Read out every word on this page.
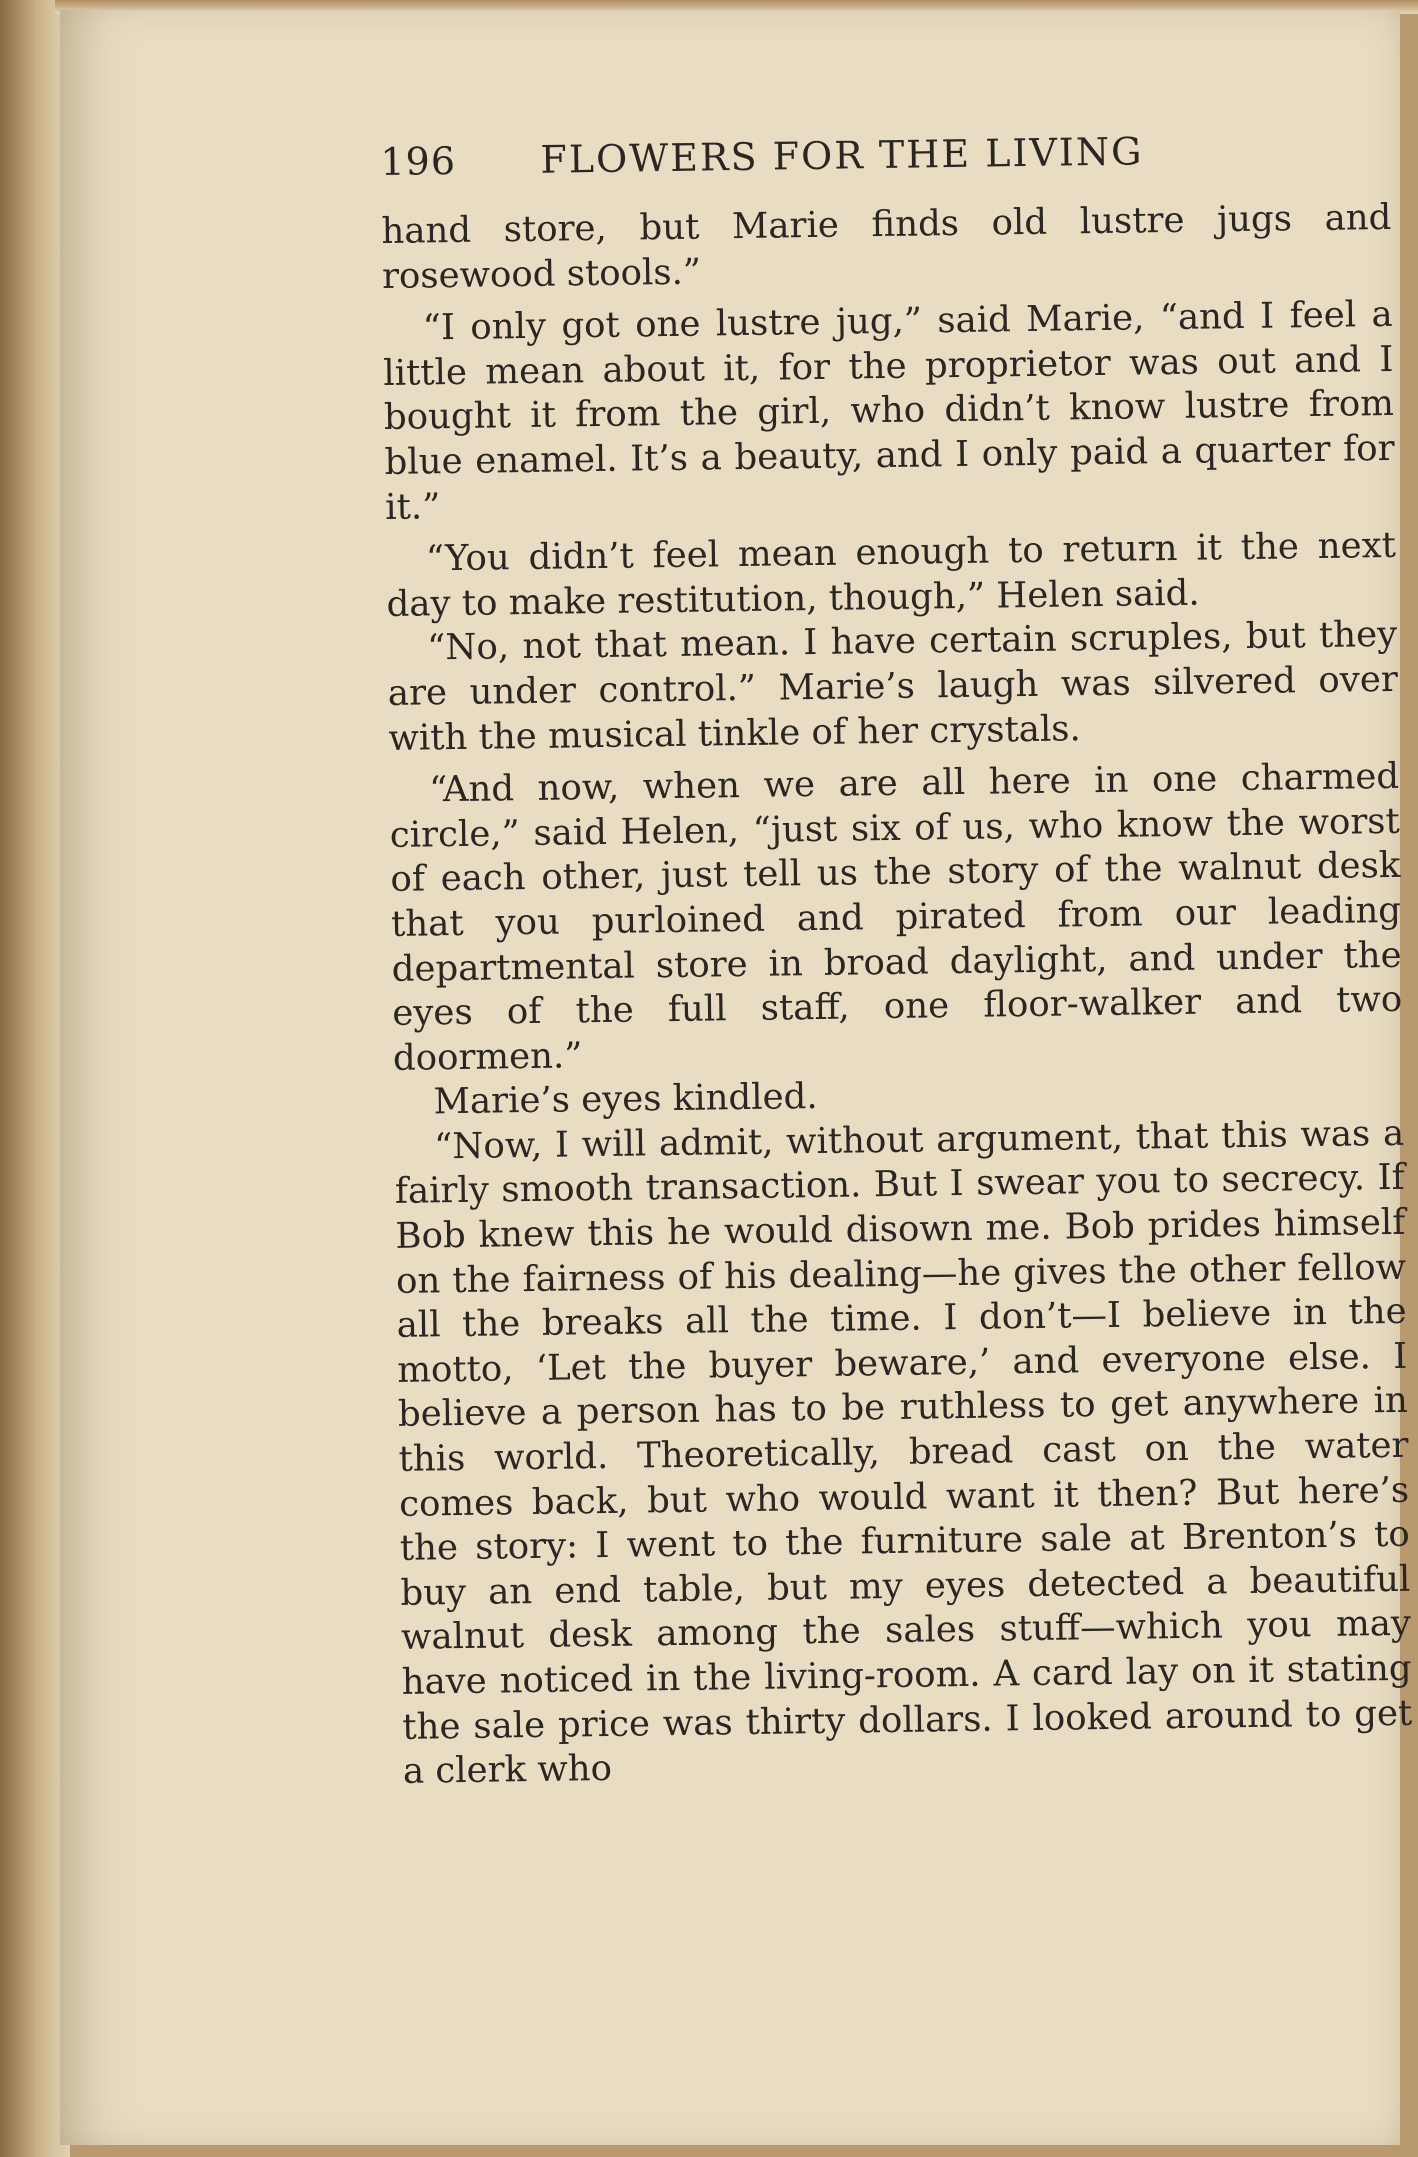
196 FLOWERS FOR THE LIVING

hand store, but Marie finds old lustre jugs and rosewood stools.”

“I only got one lustre jug,” said Marie, “and I feel a little mean about it, for the proprietor was out and I bought it from the girl, who didn’t know lustre from blue enamel. It’s a beauty, and I only paid a quarter for it.”

“You didn’t feel mean enough to return it the next day to make restitution, though,” Helen said.

“No, not that mean. I have certain scruples, but they are under control.” Marie’s laugh was silvered over with the musical tinkle of her crystals.

“And now, when we are all here in one charmed circle,” said Helen, “just six of us, who know the worst of each other, just tell us the story of the walnut desk that you purloined and pirated from our leading departmental store in broad daylight, and under the eyes of the full staff, one floor-walker and two doormen.”

Marie’s eyes kindled.

“Now, I will admit, without argument, that this was a fairly smooth transaction. But I swear you to secrecy. If Bob knew this he would disown me. Bob prides himself on the fairness of his dealing—he gives the other fellow all the breaks all the time. I don’t—I believe in the motto, ‘Let the buyer beware,’ and everyone else. I believe a person has to be ruthless to get anywhere in this world. Theoretically, bread cast on the water comes back, but who would want it then? But here’s the story: I went to the furniture sale at Brenton’s to buy an end table, but my eyes detected a beautiful walnut desk among the sales stuff—which you may have noticed in the living-room. A card lay on it stating the sale price was thirty dollars. I looked around to get a clerk who
